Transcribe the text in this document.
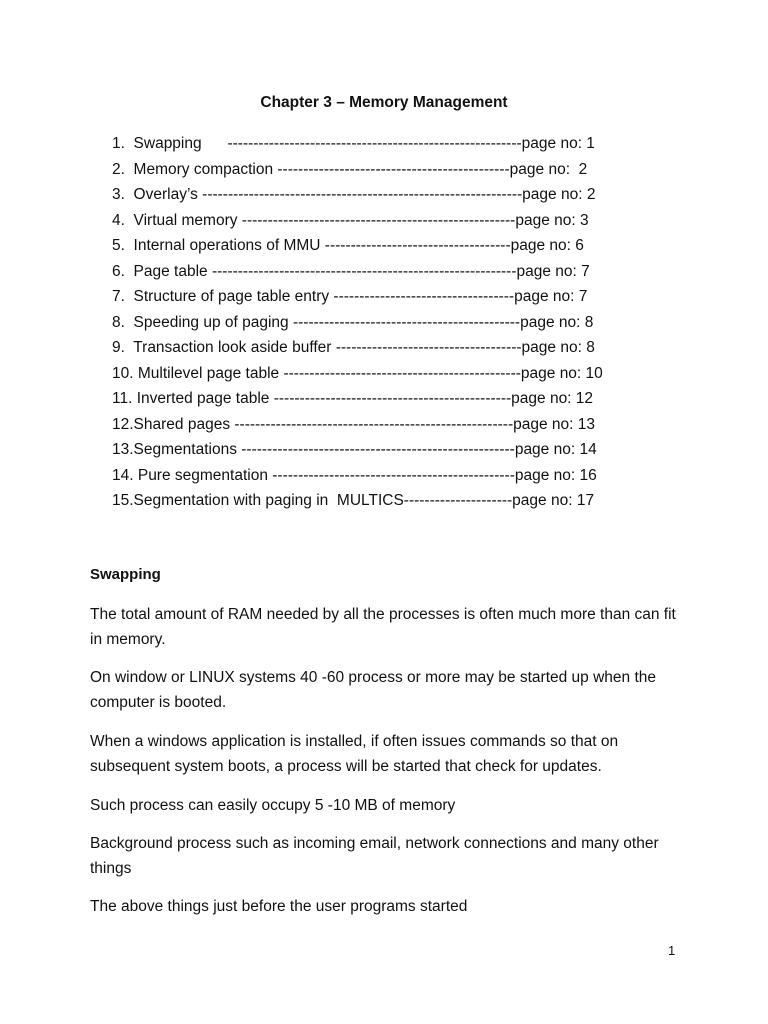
Chapter 3 – Memory Management
1.  Swapping      ---------------------------------------------------------page no: 1
2.  Memory compaction ---------------------------------------------page no:  2
3.  Overlay’s --------------------------------------------------------------page no: 2
4.  Virtual memory -----------------------------------------------------page no: 3
5.  Internal operations of MMU ------------------------------------page no: 6
6.  Page table -----------------------------------------------------------page no: 7
7.  Structure of page table entry -----------------------------------page no: 7
8.  Speeding up of paging --------------------------------------------page no: 8
9.  Transaction look aside buffer ------------------------------------page no: 8
10. Multilevel page table ----------------------------------------------page no: 10
11. Inverted page table ----------------------------------------------page no: 12
12.Shared pages ------------------------------------------------------page no: 13
13.Segmentations -----------------------------------------------------page no: 14
14. Pure segmentation -----------------------------------------------page no: 16
15.Segmentation with paging in  MULTICS---------------------page no: 17
Swapping
The total amount of RAM needed by all the processes is often much more than can fit in memory.
On window or LINUX systems 40 -60 process or more may be started up when the computer is booted.
When a windows application is installed, if often issues commands so that on subsequent system boots, a process will be started that check for updates.
Such process can easily occupy 5 -10 MB of memory
Background process such as incoming email, network connections and many other things
The above things just before the user programs started
1
